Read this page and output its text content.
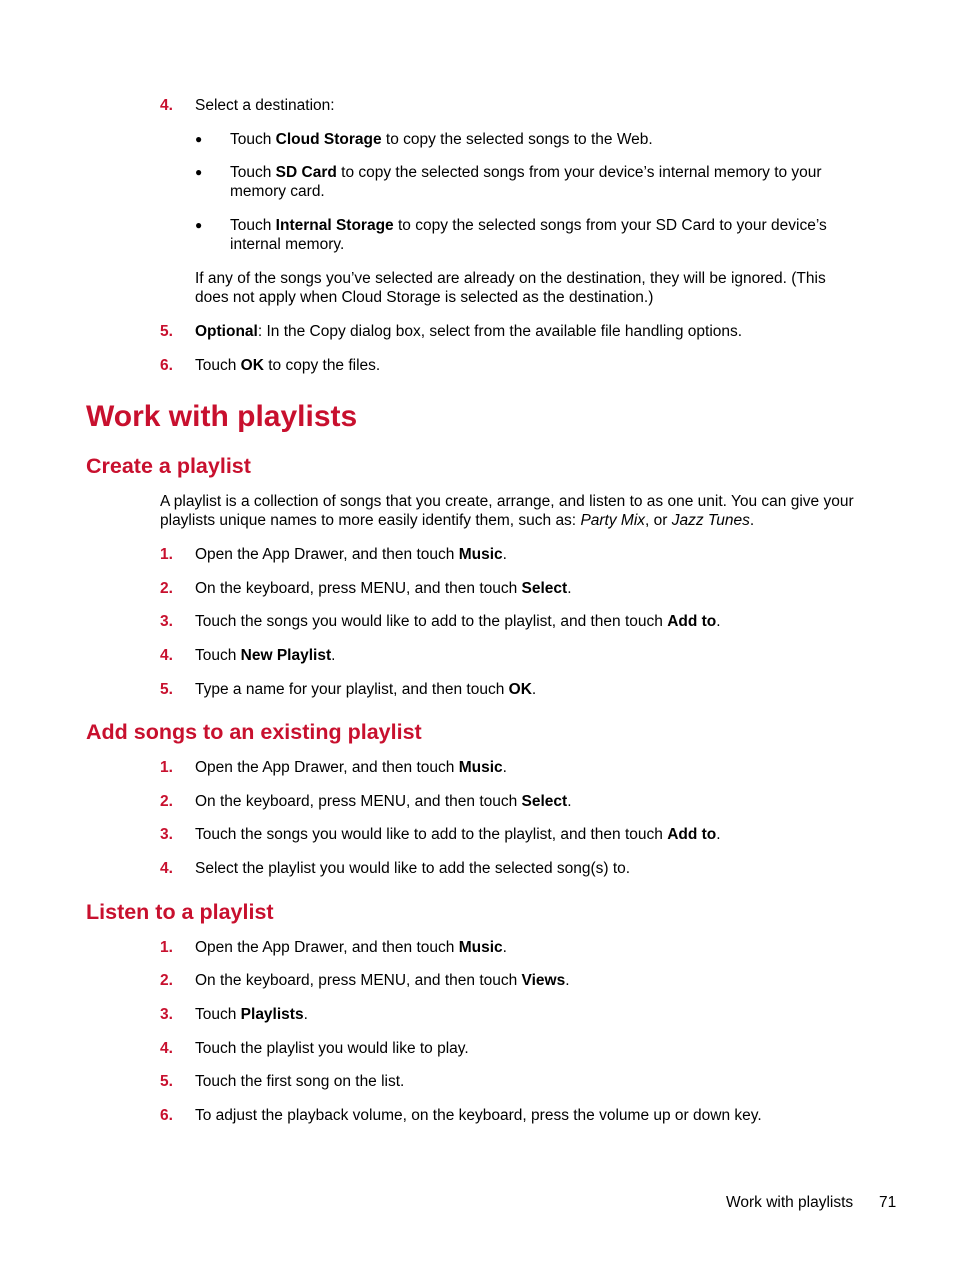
4. Select a destination:
● Touch Cloud Storage to copy the selected songs to the Web.
● Touch SD Card to copy the selected songs from your device’s internal memory to your memory card.
● Touch Internal Storage to copy the selected songs from your SD Card to your device’s internal memory.
If any of the songs you’ve selected are already on the destination, they will be ignored. (This does not apply when Cloud Storage is selected as the destination.)
5. Optional: In the Copy dialog box, select from the available file handling options.
6. Touch OK to copy the files.
Work with playlists
Create a playlist
A playlist is a collection of songs that you create, arrange, and listen to as one unit. You can give your playlists unique names to more easily identify them, such as: Party Mix, or Jazz Tunes.
1. Open the App Drawer, and then touch Music.
2. On the keyboard, press MENU, and then touch Select.
3. Touch the songs you would like to add to the playlist, and then touch Add to.
4. Touch New Playlist.
5. Type a name for your playlist, and then touch OK.
Add songs to an existing playlist
1. Open the App Drawer, and then touch Music.
2. On the keyboard, press MENU, and then touch Select.
3. Touch the songs you would like to add to the playlist, and then touch Add to.
4. Select the playlist you would like to add the selected song(s) to.
Listen to a playlist
1. Open the App Drawer, and then touch Music.
2. On the keyboard, press MENU, and then touch Views.
3. Touch Playlists.
4. Touch the playlist you would like to play.
5. Touch the first song on the list.
6. To adjust the playback volume, on the keyboard, press the volume up or down key.
Work with playlists 71
